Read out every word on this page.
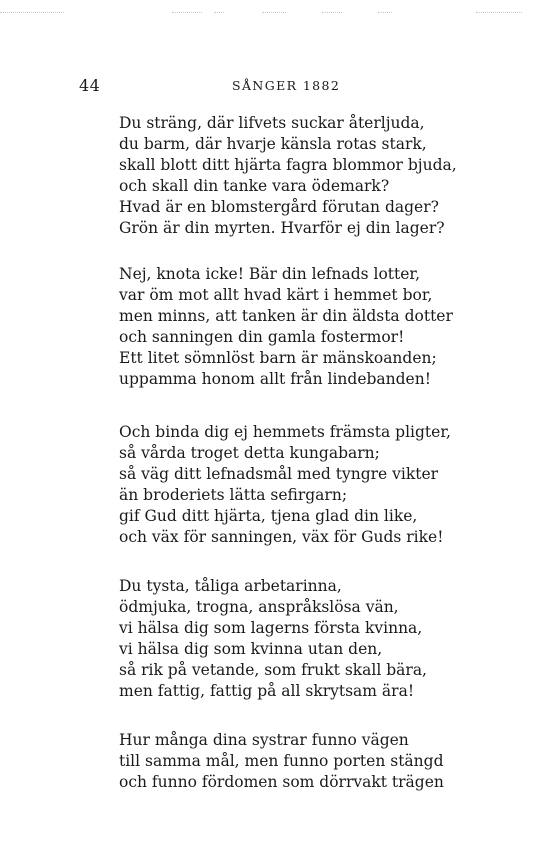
44	SÅNGER 1882
Du sträng, där lifvets suckar återljuda,
du barm, där hvarje känsla rotas stark,
skall blott ditt hjärta fagra blommor bjuda,
och skall din tanke vara ödemark?
Hvad är en blomstergård förutan dager?
Grön är din myrten. Hvarför ej din lager?
Nej, knota icke! Bär din lefnads lotter,
var öm mot allt hvad kärt i hemmet bor,
men minns, att tanken är din äldsta dotter
och sanningen din gamla fostermor!
Ett litet sömnlöst barn är mänskoanden;
uppamma honom allt från lindebanden!
Och binda dig ej hemmets främsta pligter,
så vårda troget detta kungabarn;
så väg ditt lefnadsmål med tyngre vikter
än broderiets lätta sefirgarn;
gif Gud ditt hjärta, tjena glad din like,
och väx för sanningen, väx för Guds rike!
Du tysta, tåliga arbetarinna,
ödmjuka, trogna, anspråkslösa vän,
vi hälsa dig som lagerns första kvinna,
vi hälsa dig som kvinna utan den,
så rik på vetande, som frukt skall bära,
men fattig, fattig på all skrytsam ära!
Hur många dina systrar funno vägen
till samma mål, men funno porten stängd
och funno fördomen som dörrvakt trägen
